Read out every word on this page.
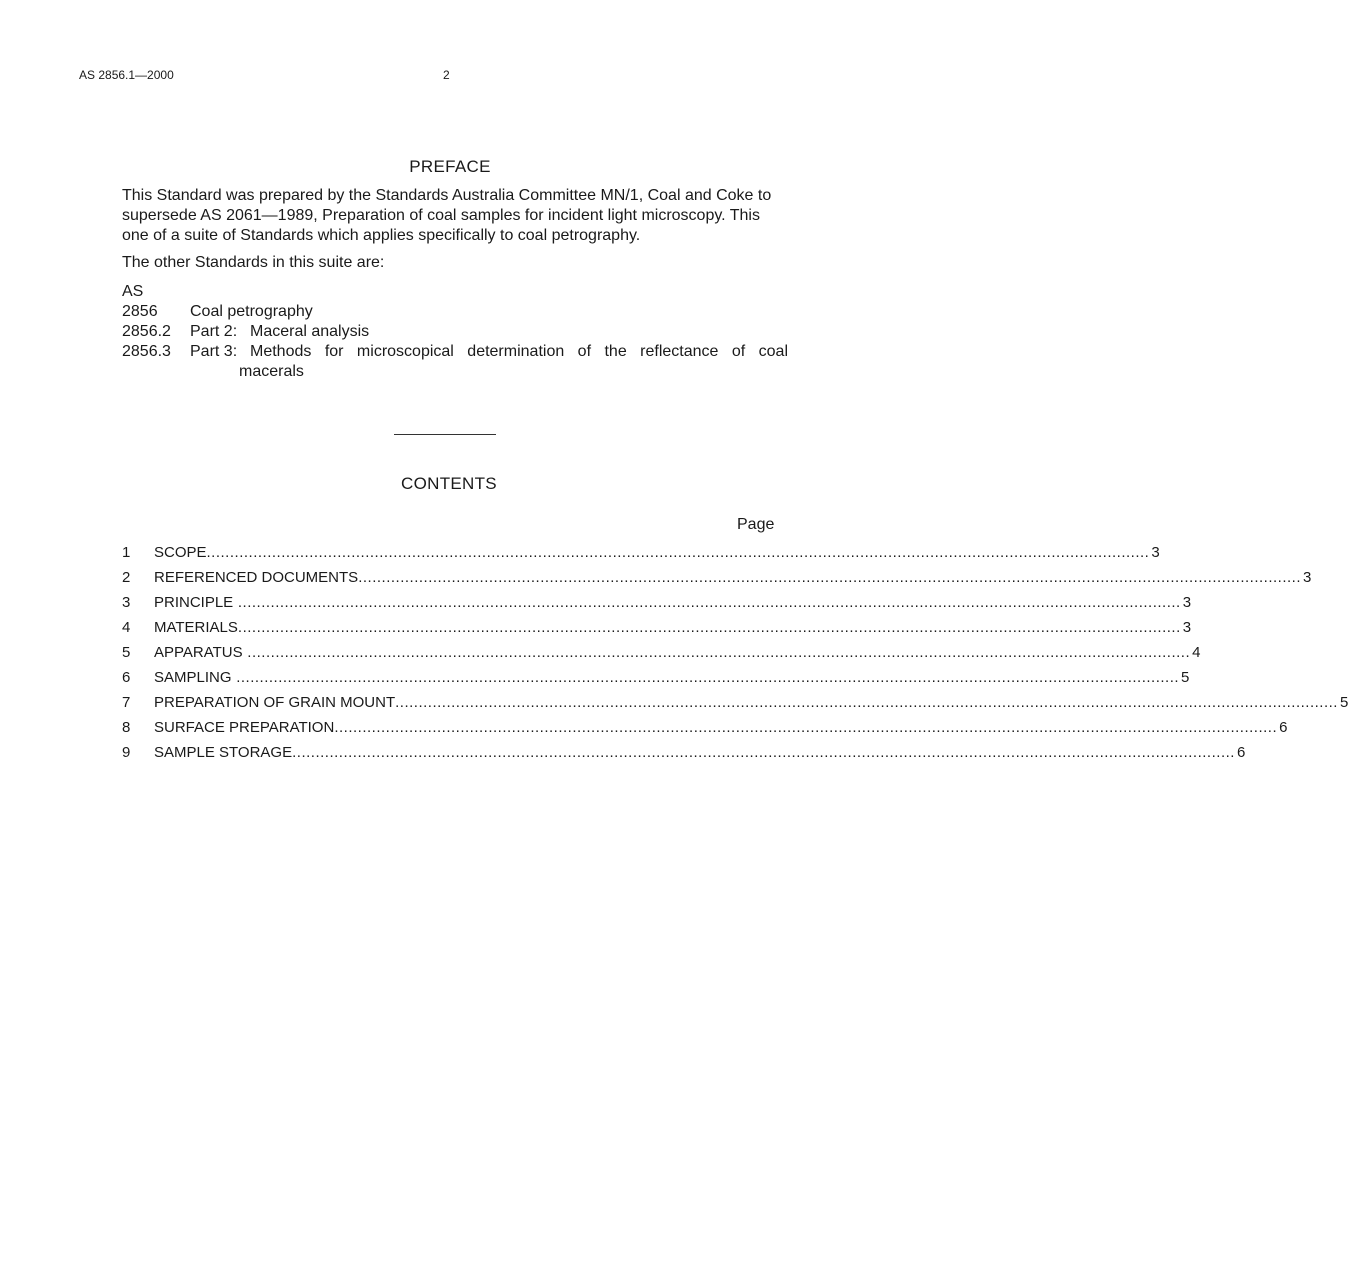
AS 2856.1—2000	2
PREFACE
This Standard was prepared by the Standards Australia Committee MN/1, Coal and Coke to
supersede AS 2061—1989, Preparation of coal samples for incident light microscopy. This
one of a suite of Standards which applies specifically to coal petrography.
The other Standards in this suite are:
AS
2856	Coal petrography
2856.2	Part 2: Maceral analysis
2856.3	Part 3: Methods for microscopical determination of the reflectance of coal
macerals
CONTENTS
Page
1	SCOPE .......................................................................................................................................................................................................... 3
2	REFERENCED DOCUMENTS .......................................................................................................................................................................................................... 3
3	PRINCIPLE .......................................................................................................................................................................................................... 3
4	MATERIALS .......................................................................................................................................................................................................... 3
5	APPARATUS .......................................................................................................................................................................................................... 4
6	SAMPLING .......................................................................................................................................................................................................... 5
7	PREPARATION OF GRAIN MOUNT .......................................................................................................................................................................................................... 5
8	SURFACE PREPARATION .......................................................................................................................................................................................................... 6
9	SAMPLE STORAGE .......................................................................................................................................................................................................... 6
